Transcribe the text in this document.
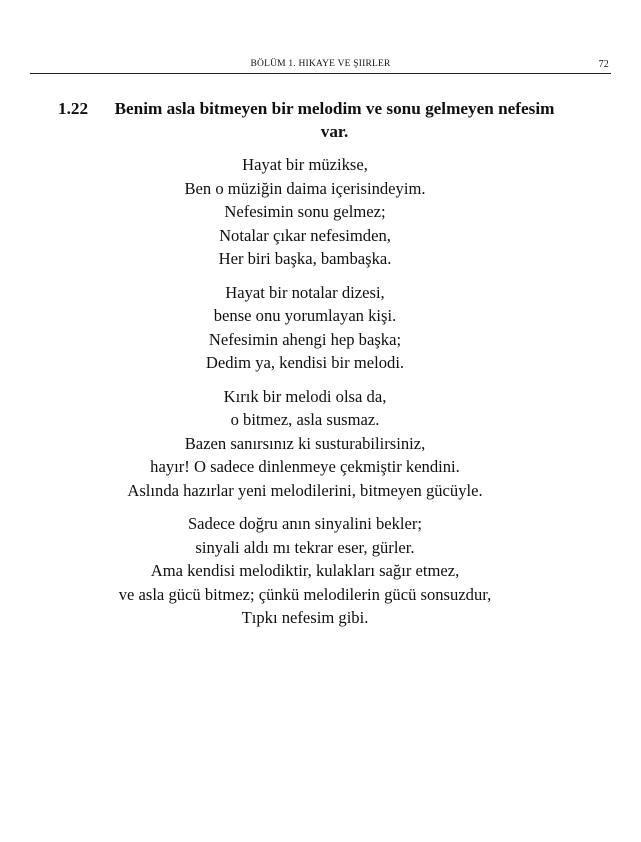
BÖLÜM 1. HIKAYE VE ŞIIRLER	72
1.22 Benim asla bitmeyen bir melodim ve sonu gelmeyen nefesim var.
Hayat bir müzikse,
Ben o müziğin daima içerisindeyim.
Nefesimin sonu gelmez;
Notalar çıkar nefesimden,
Her biri başka, bambaşka.
Hayat bir notalar dizesi,
bense onu yorumlayan kişi.
Nefesimin ahengi hep başka;
Dedim ya, kendisi bir melodi.
Kırık bir melodi olsa da,
o bitmez, asla susmaz.
Bazen sanırsınız ki susturabilirsiniz,
hayır! O sadece dinlenmeye çekmiştir kendini.
Aslında hazırlar yeni melodilerini, bitmeyen gücüyle.
Sadece doğru anın sinyalini bekler;
sinyali aldı mı tekrar eser, gürler.
Ama kendisi melodiktir, kulakları sağır etmez,
ve asla gücü bitmez; çünkü melodilerin gücü sonsuzdur,
Tıpkı nefesim gibi.
